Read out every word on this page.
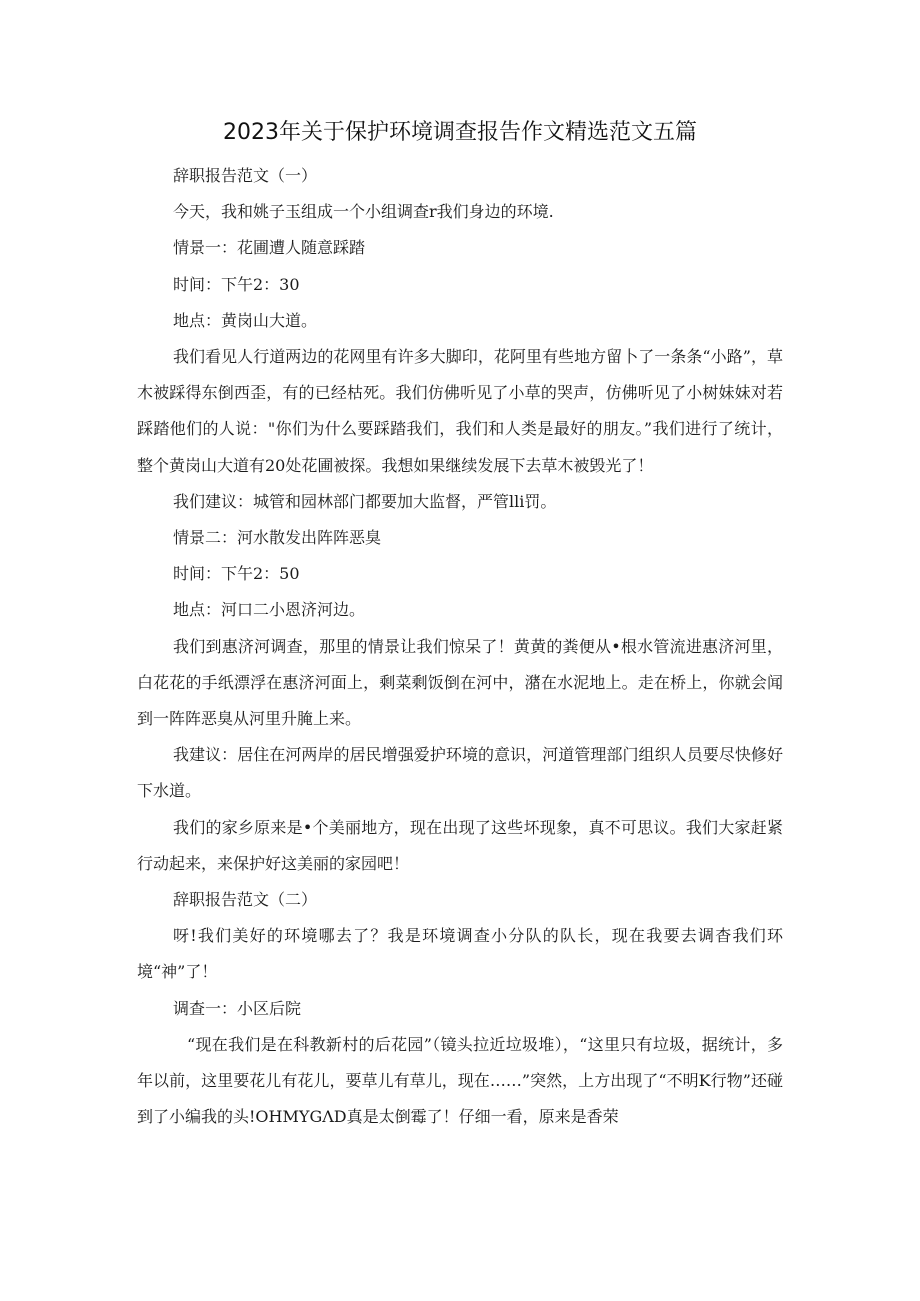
2023年关于保护环境调查报告作文精选范文五篇

辞职报告范文（一）

今天，我和姚子玉组成一个小组调查r我们身边的环境.

情景一：花圃遭人随意踩踏

时间：下午2：30

地点：黄岗山大道。

我们看见人行道两边的花网里有许多大脚印，花阿里有些地方留卜了一条条“小路”，草木被踩得东倒西歪，有的已经枯死。我们仿佛听见了小草的哭声，仿佛听见了小树妹妹对若踩踏他们的人说："你们为什么要踩踏我们，我们和人类是最好的朋友。”我们进行了统计，整个黄岗山大道有20处花圃被探。我想如果继续发展下去草木被毁光了！

我们建议：城管和园林部门都要加大监督，严管lli罚。

情景二：河水散发出阵阵恶臭

时间：下午2：50

地点：河口二小恩济河边。

我们到惠济河调查，那里的情景让我们惊呆了！黄黄的粪便从•根水管流进惠济河里，白花花的手纸漂浮在惠济河面上，剩菜剩饭倒在河中，潴在水泥地上。走在桥上，你就会闻到一阵阵恶臭从河里升腌上来。

我建议：居住在河两岸的居民增强爱护环境的意识，河道管理部门组织人员要尽快修好下水道。

我们的家乡原来是•个美丽地方，现在出现了这些坏现象，真不可思议。我们大家赶紧行动起来，来保护好这美丽的家园吧！

辞职报告范文（二）

呀!我们美好的环境哪去了？我是环境调查小分队的队长，现在我要去调杳我们环境“神”了！

调查一：小区后院

“现在我们是在科教新村的后花园”（镜头拉近垃圾堆），“这里只有垃圾，据统计，多年以前，这里要花儿有花儿，要草儿有草儿，现在……”突然，上方出现了“不明K行物”还碰到了小编我的头!OHMYGΛD真是太倒霉了！仔细一看，原来是香荣
